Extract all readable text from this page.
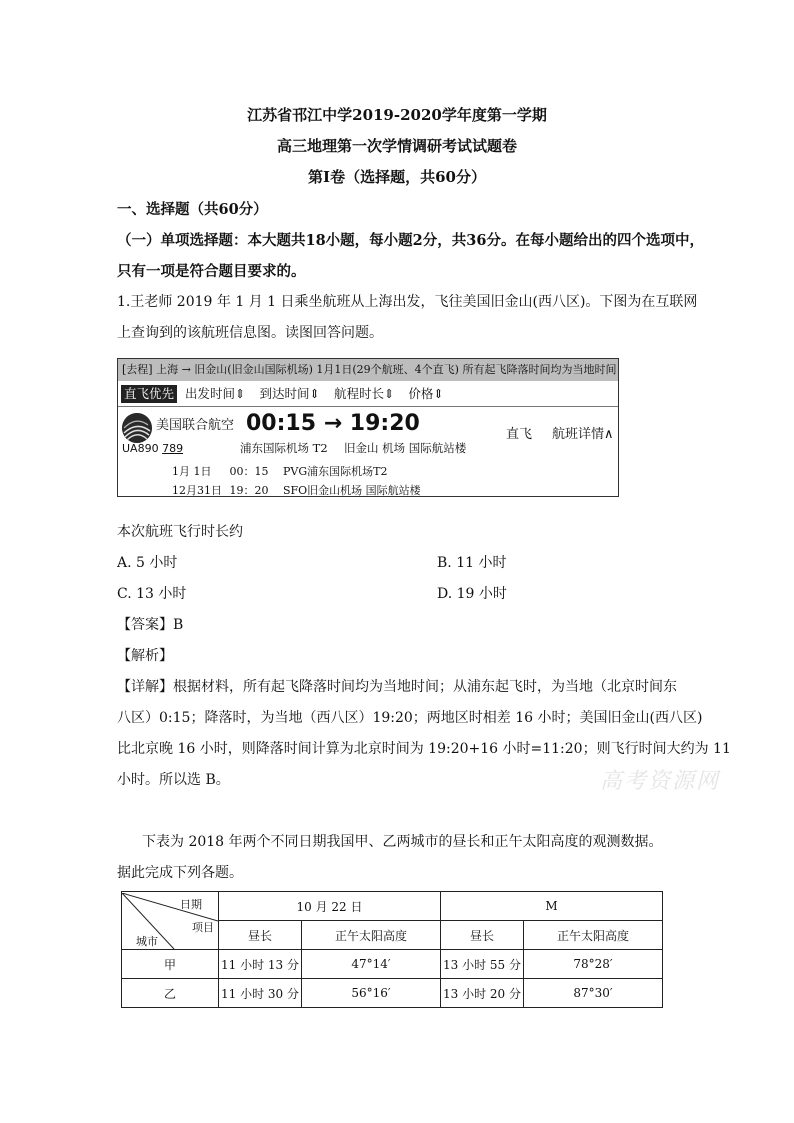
江苏省邗江中学2019-2020学年度第一学期
高三地理第一次学情调研考试试题卷
第Ⅰ卷（选择题，共60分）
一、选择题（共60分）
（一）单项选择题：本大题共18小题，每小题2分，共36分。在每小题给出的四个选项中，
只有一项是符合题目要求的。
1.王老师 2019 年 1 月 1 日乘坐航班从上海出发，飞往美国旧金山(西八区)。下图为在互联网
上查询到的该航班信息图。读图回答问题。
[去程] 上海 → 旧金山(旧金山国际机场) 1月1日(29个航班、4个直飞) 所有起飞降落时间均为当地时间
直飞优先 出发时间⇕ 到达时间⇕ 航程时长⇕ 价格⇕
美国联合航空 00:15 → 19:20
UA890 789	浦东国际机场 T2 旧金山 机场 国际航站楼
直飞 航班详情∧
1月 1日 00：15 PVG浦东国际机场T2
12月31日 19：20 SFO旧金山机场 国际航站楼
本次航班飞行时长约
A. 5 小时	B. 11 小时
C. 13 小时	D. 19 小时
【答案】B
【解析】
【详解】根据材料，所有起飞降落时间均为当地时间；从浦东起飞时，为当地（北京时间东
八区）0:15；降落时，为当地（西八区）19:20；两地区时相差 16 小时；美国旧金山(西八区)
比北京晚 16 小时，则降落时间计算为北京时间为 19:20+16 小时=11:20；则飞行时间大约为 11
小时。所以选 B。	高考资源网
下表为 2018 年两个不同日期我国甲、乙两城市的昼长和正午太阳高度的观测数据。
据此完成下列各题。
日期
项目
城市	10 月 22 日		M	
	昼长	正午太阳高度	昼长	正午太阳高度
甲	11 小时 13 分	47°14′	13 小时 55 分	78°28′
乙	11 小时 30 分	56°16′	13 小时 20 分	87°30′
